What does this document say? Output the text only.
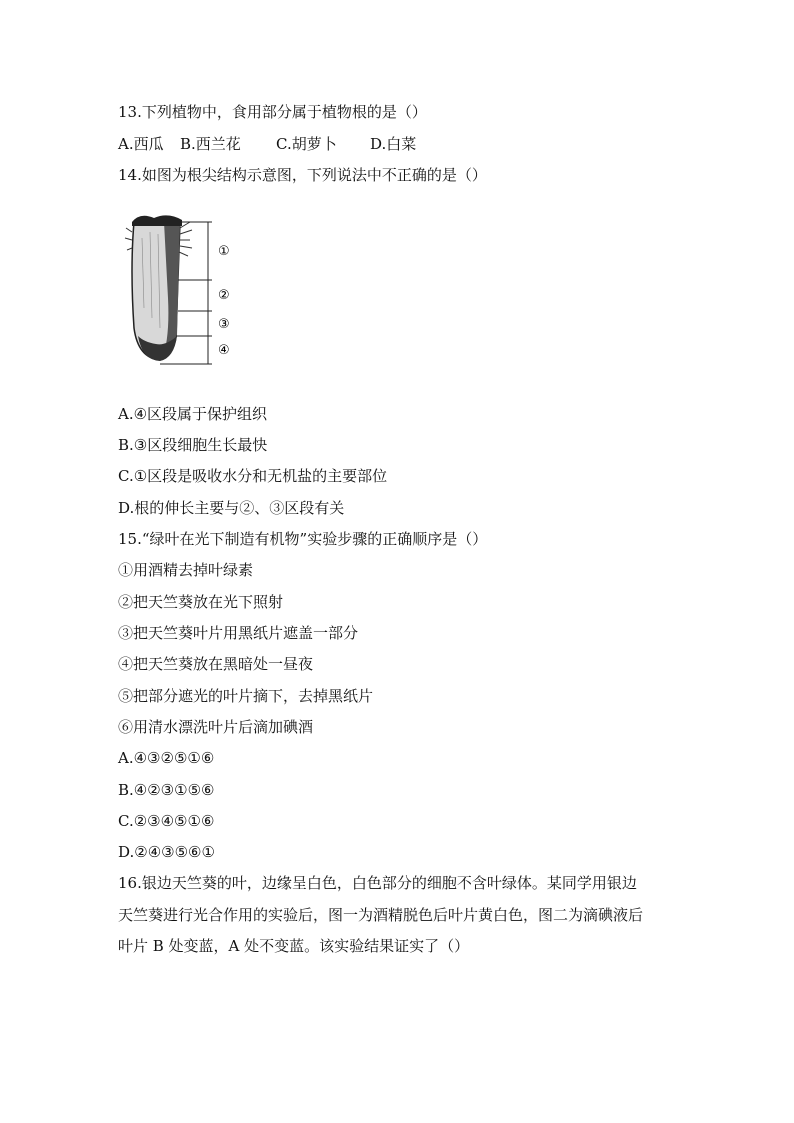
13.下列植物中，食用部分属于植物根的是（）
A.西瓜 B.西兰花 C.胡萝卜 D.白菜
14.如图为根尖结构示意图，下列说法中不正确的是（）
①
②
③
④
A.④区段属于保护组织
B.③区段细胞生长最快
C.①区段是吸收水分和无机盐的主要部位
D.根的伸长主要与②、③区段有关
15.“绿叶在光下制造有机物”实验步骤的正确顺序是（）
①用酒精去掉叶绿素
②把天竺葵放在光下照射
③把天竺葵叶片用黑纸片遮盖一部分
④把天竺葵放在黑暗处一昼夜
⑤把部分遮光的叶片摘下，去掉黑纸片
⑥用清水漂洗叶片后滴加碘酒
A.④③②⑤①⑥
B.④②③①⑤⑥
C.②③④⑤①⑥
D.②④③⑤⑥①
16.银边天竺葵的叶，边缘呈白色，白色部分的细胞不含叶绿体。某同学用银边
天竺葵进行光合作用的实验后，图一为酒精脱色后叶片黄白色，图二为滴碘液后
叶片 B 处变蓝，A 处不变蓝。该实验结果证实了（）
